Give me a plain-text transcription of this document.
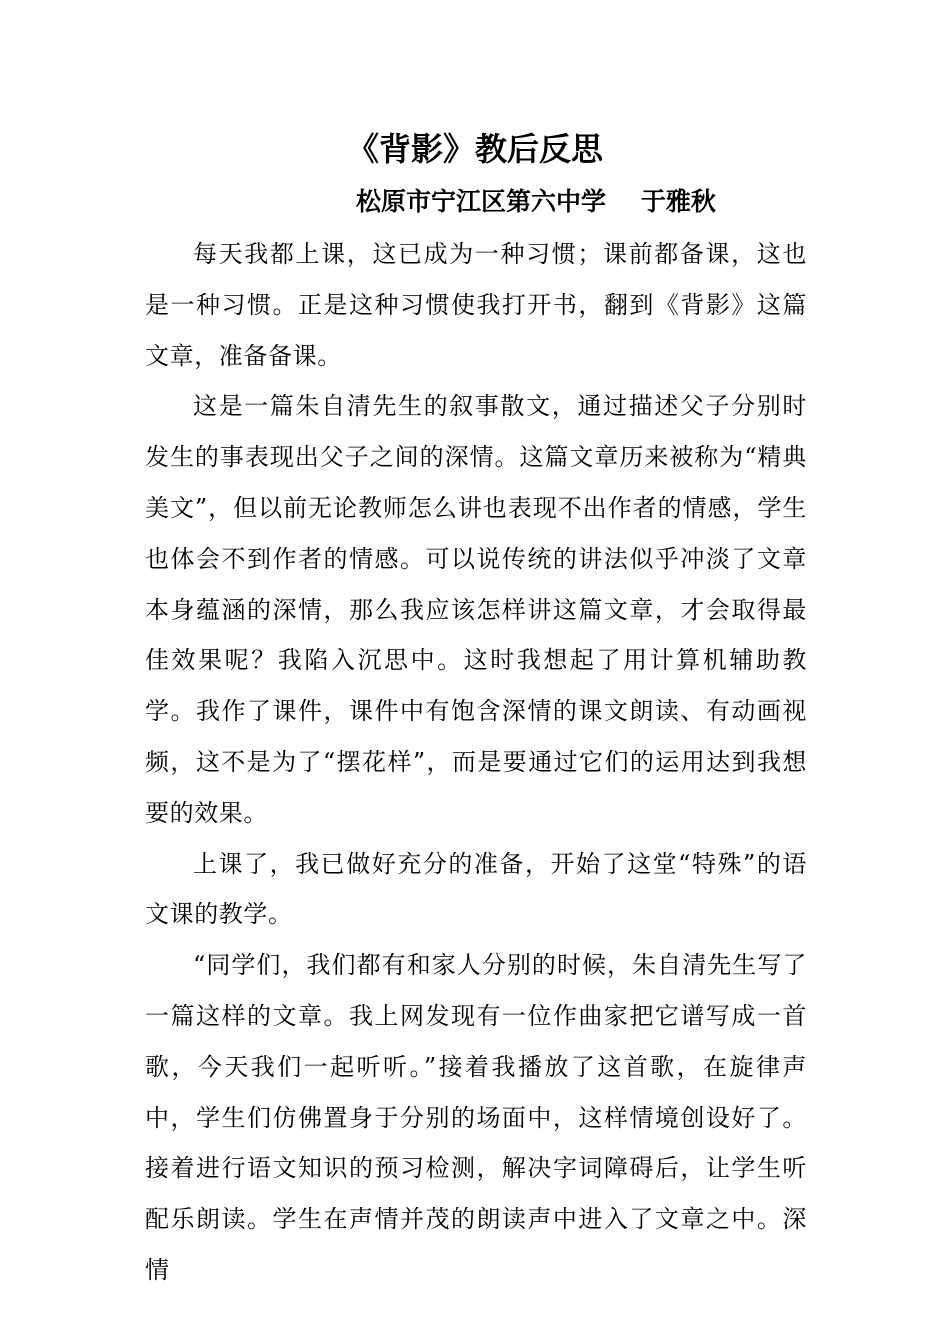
《背影》教后反思
松原市宁江区第六中学    于雅秋

每天我都上课，这已成为一种习惯；课前都备课，这也是一种习惯。正是这种习惯使我打开书，翻到《背影》这篇文章，准备备课。

这是一篇朱自清先生的叙事散文，通过描述父子分别时发生的事表现出父子之间的深情。这篇文章历来被称为“精典美文”，但以前无论教师怎么讲也表现不出作者的情感，学生也体会不到作者的情感。可以说传统的讲法似乎冲淡了文章本身蕴涵的深情，那么我应该怎样讲这篇文章，才会取得最佳效果呢？我陷入沉思中。这时我想起了用计算机辅助教学。我作了课件，课件中有饱含深情的课文朗读、有动画视频，这不是为了“摆花样”，而是要通过它们的运用达到我想要的效果。

上课了，我已做好充分的准备，开始了这堂“特殊”的语文课的教学。

“同学们，我们都有和家人分别的时候，朱自清先生写了一篇这样的文章。我上网发现有一位作曲家把它谱写成一首歌，今天我们一起听听。”接着我播放了这首歌，在旋律声中，学生们仿佛置身于分别的场面中，这样情境创设好了。接着进行语文知识的预习检测，解决字词障碍后，让学生听配乐朗读。学生在声情并茂的朗读声中进入了文章之中。深情
